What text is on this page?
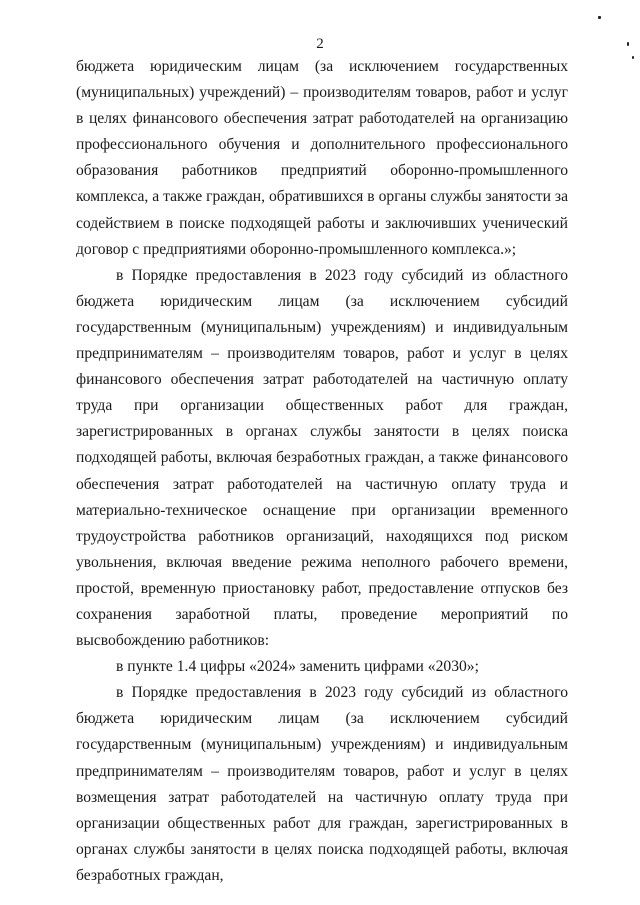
2

бюджета юридическим лицам (за исключением государственных (муниципальных) учреждений) – производителям товаров, работ и услуг в целях финансового обеспечения затрат работодателей на организацию профессионального обучения и дополнительного профессионального образования работников предприятий оборонно-промышленного комплекса, а также граждан, обратившихся в органы службы занятости за содействием в поиске подходящей работы и заключивших ученический договор с предприятиями оборонно-промышленного комплекса.»;

в Порядке предоставления в 2023 году субсидий из областного бюджета юридическим лицам (за исключением субсидий государственным (муниципальным) учреждениям) и индивидуальным предпринимателям – производителям товаров, работ и услуг в целях финансового обеспечения затрат работодателей на частичную оплату труда при организации общественных работ для граждан, зарегистрированных в органах службы занятости в целях поиска подходящей работы, включая безработных граждан, а также финансового обеспечения затрат работодателей на частичную оплату труда и материально-техническое оснащение при организации временного трудоустройства работников организаций, находящихся под риском увольнения, включая введение режима неполного рабочего времени, простой, временную приостановку работ, предоставление отпусков без сохранения заработной платы, проведение мероприятий по высвобождению работников:

в пункте 1.4 цифры «2024» заменить цифрами «2030»;

в Порядке предоставления в 2023 году субсидий из областного бюджета юридическим лицам (за исключением субсидий государственным (муниципальным) учреждениям) и индивидуальным предпринимателям – производителям товаров, работ и услуг в целях возмещения затрат работодателей на частичную оплату труда при организации общественных работ для граждан, зарегистрированных в органах службы занятости в целях поиска подходящей работы, включая безработных граждан,
